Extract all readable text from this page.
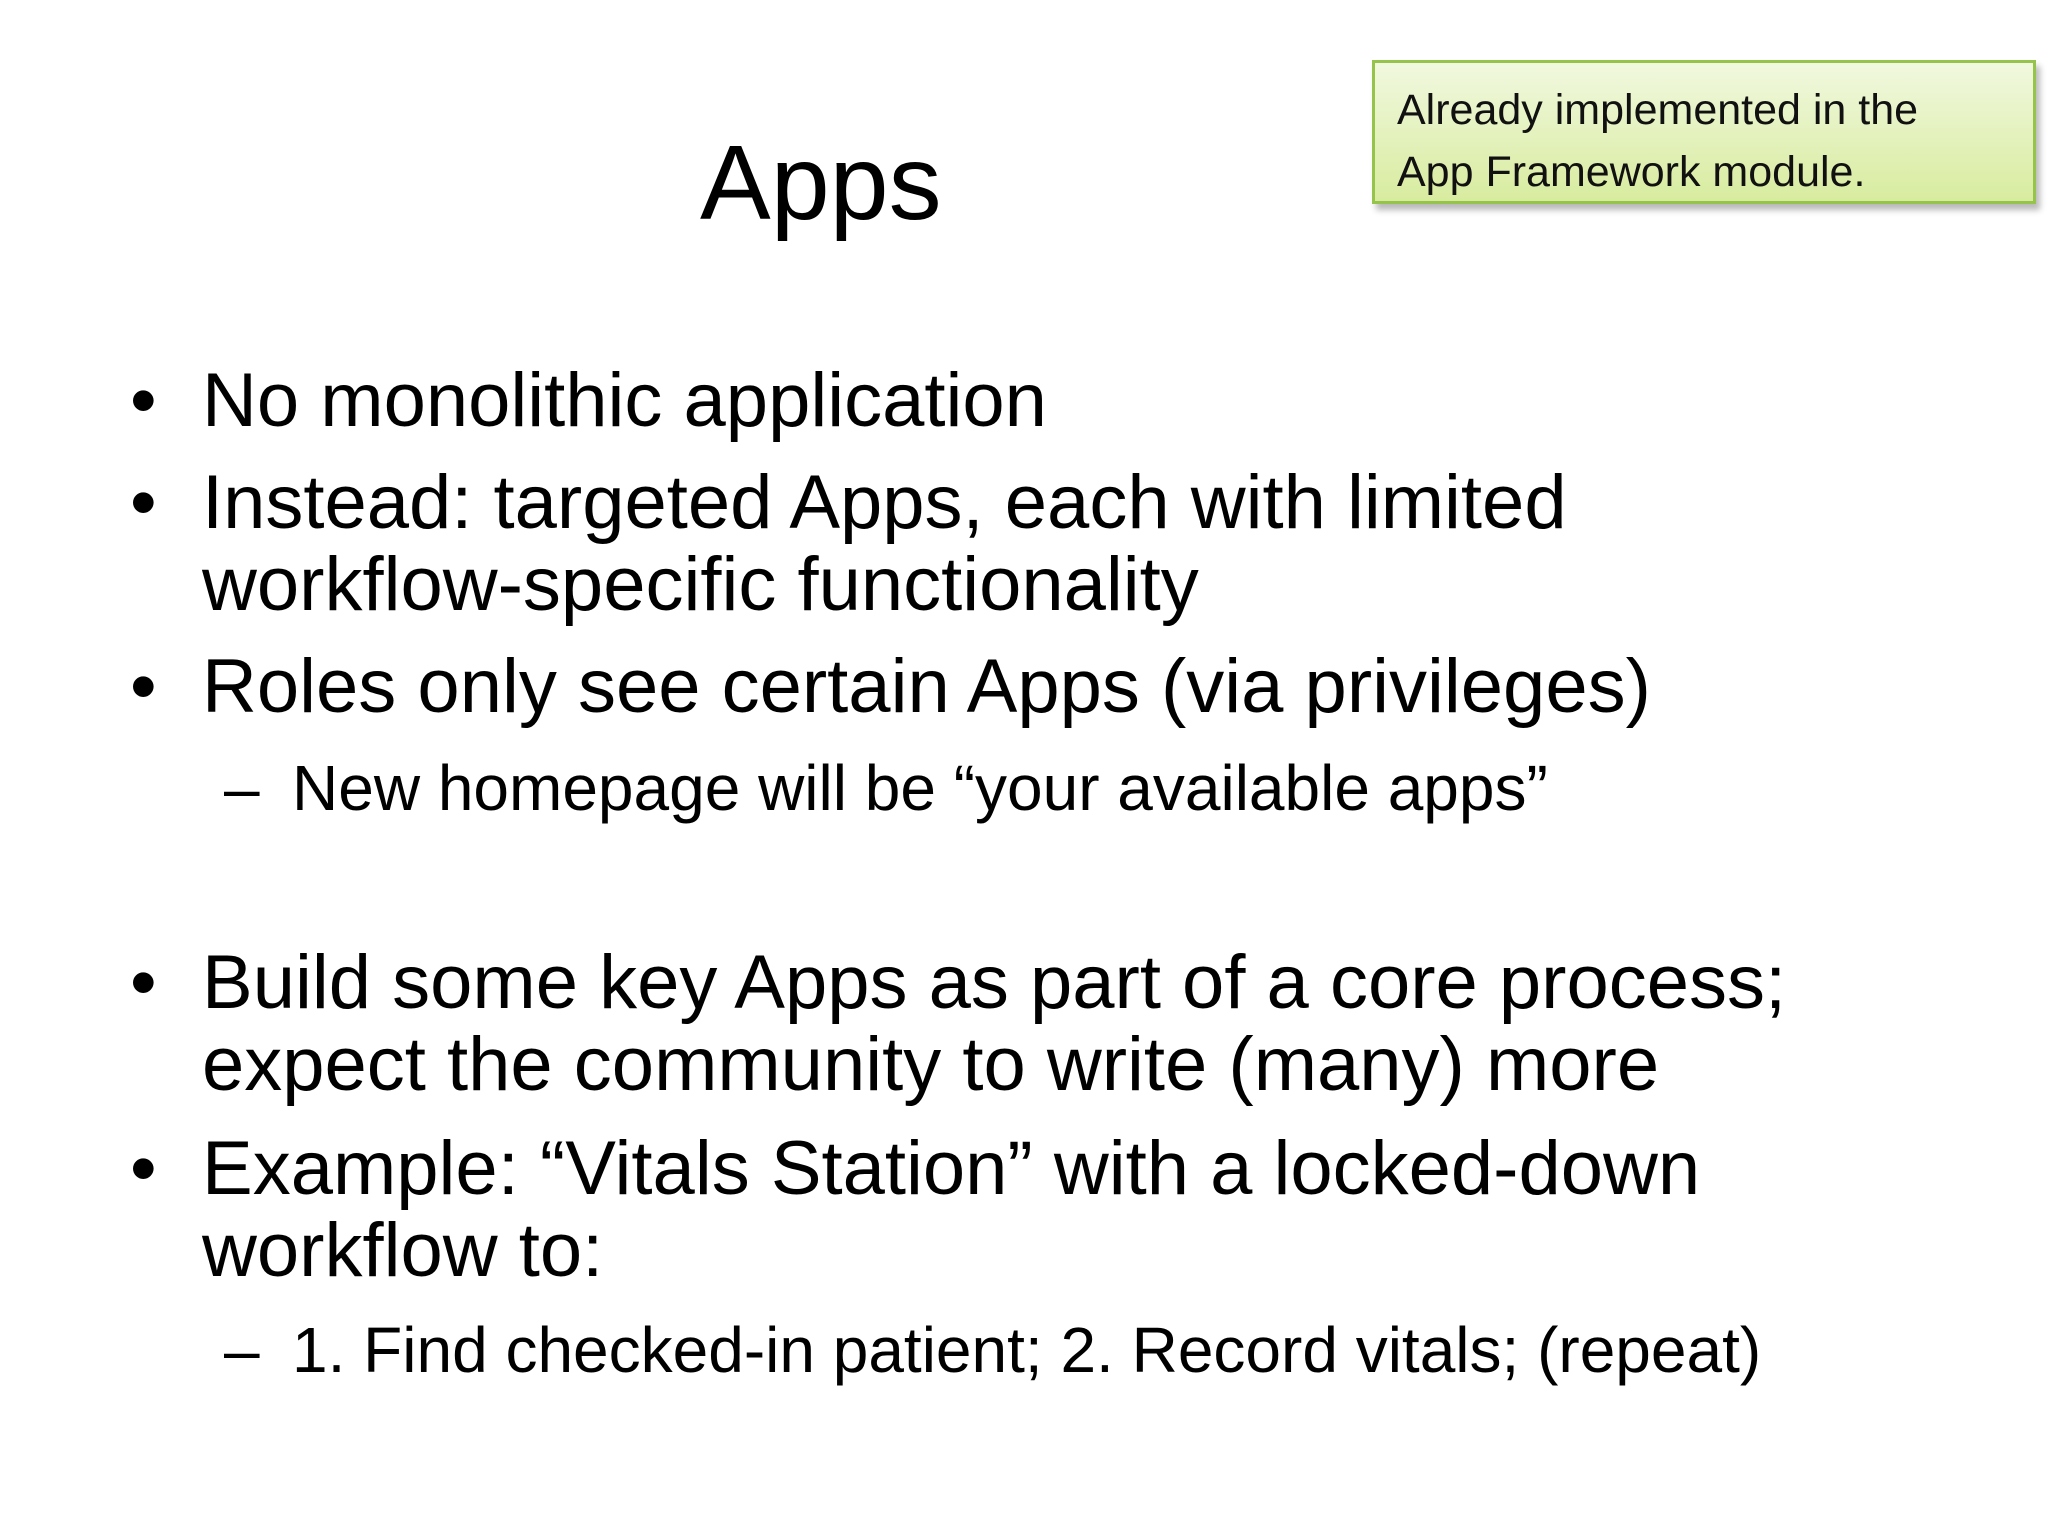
Apps
Already implemented in the
App Framework module.
• No monolithic application
• Instead: targeted Apps, each with limited
workflow-specific functionality
• Roles only see certain Apps (via privileges)
– New homepage will be “your available apps”
• Build some key Apps as part of a core process;
expect the community to write (many) more
• Example: “Vitals Station” with a locked-down
workflow to:
– 1. Find checked-in patient; 2. Record vitals; (repeat)
